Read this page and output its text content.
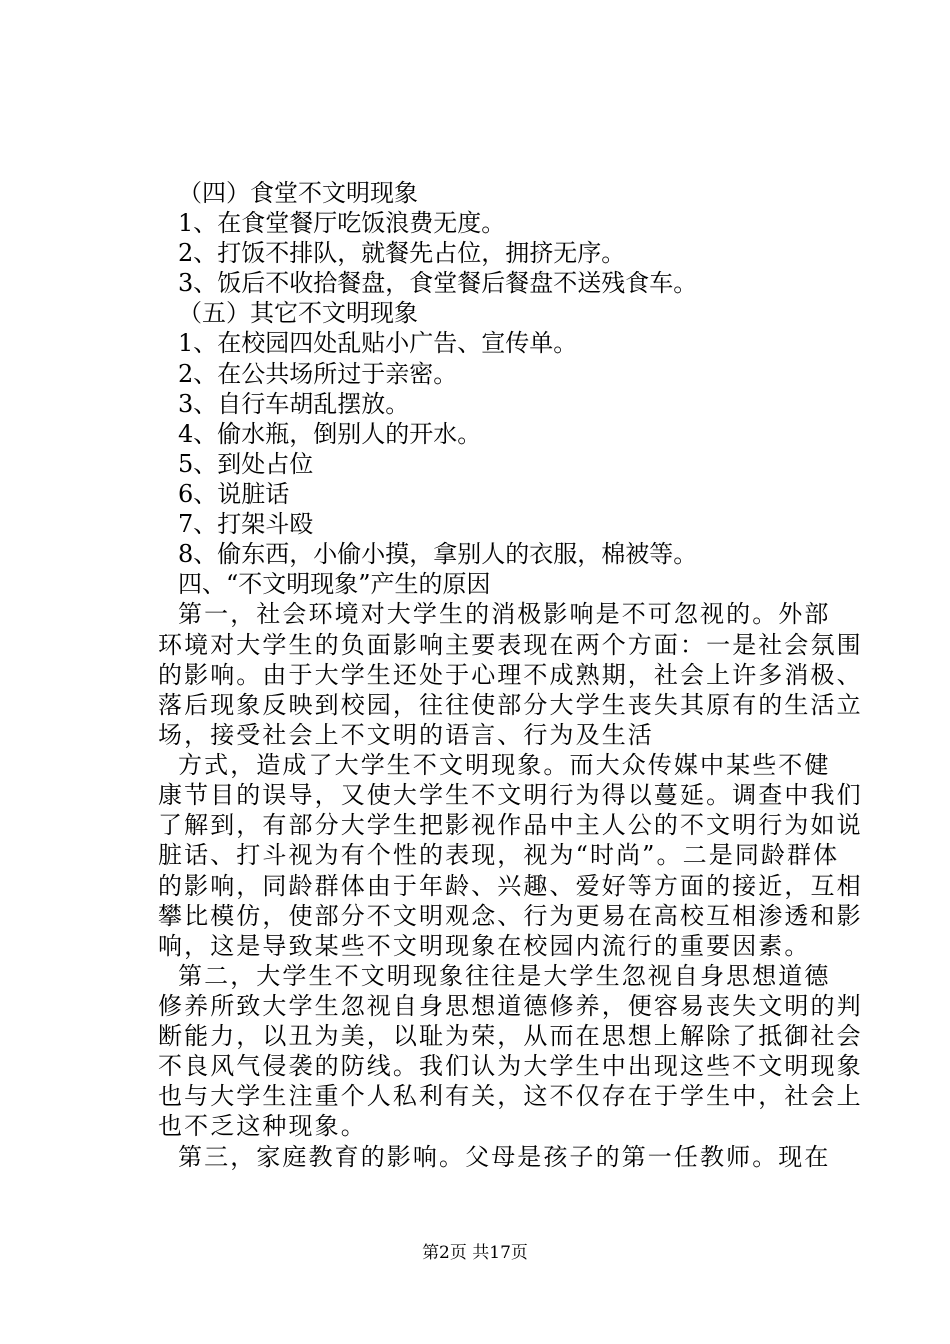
（四）食堂不文明现象
1、在食堂餐厅吃饭浪费无度。
2、打饭不排队，就餐先占位，拥挤无序。
3、饭后不收拾餐盘，食堂餐后餐盘不送残食车。
（五）其它不文明现象
1、在校园四处乱贴小广告、宣传单。
2、在公共场所过于亲密。
3、自行车胡乱摆放。
4、偷水瓶，倒别人的开水。
5、到处占位
6、说脏话
7、打架斗殴
8、偷东西，小偷小摸，拿别人的衣服，棉被等。
四、“不文明现象”产生的原因
第一，社会环境对大学生的消极影响是不可忽视的。外部
环境对大学生的负面影响主要表现在两个方面：一是社会氛围
的影响。由于大学生还处于心理不成熟期，社会上许多消极、
落后现象反映到校园，往往使部分大学生丧失其原有的生活立
场，接受社会上不文明的语言、行为及生活
方式，造成了大学生不文明现象。而大众传媒中某些不健
康节目的误导，又使大学生不文明行为得以蔓延。调查中我们
了解到，有部分大学生把影视作品中主人公的不文明行为如说
脏话、打斗视为有个性的表现，视为“时尚”。二是同龄群体
的影响，同龄群体由于年龄、兴趣、爱好等方面的接近，互相
攀比模仿，使部分不文明观念、行为更易在高校互相渗透和影
响，这是导致某些不文明现象在校园内流行的重要因素。
第二，大学生不文明现象往往是大学生忽视自身思想道德
修养所致大学生忽视自身思想道德修养，便容易丧失文明的判
断能力，以丑为美，以耻为荣，从而在思想上解除了抵御社会
不良风气侵袭的防线。我们认为大学生中出现这些不文明现象
也与大学生注重个人私利有关，这不仅存在于学生中，社会上
也不乏这种现象。
第三，家庭教育的影响。父母是孩子的第一任教师。现在
第2页 共17页
